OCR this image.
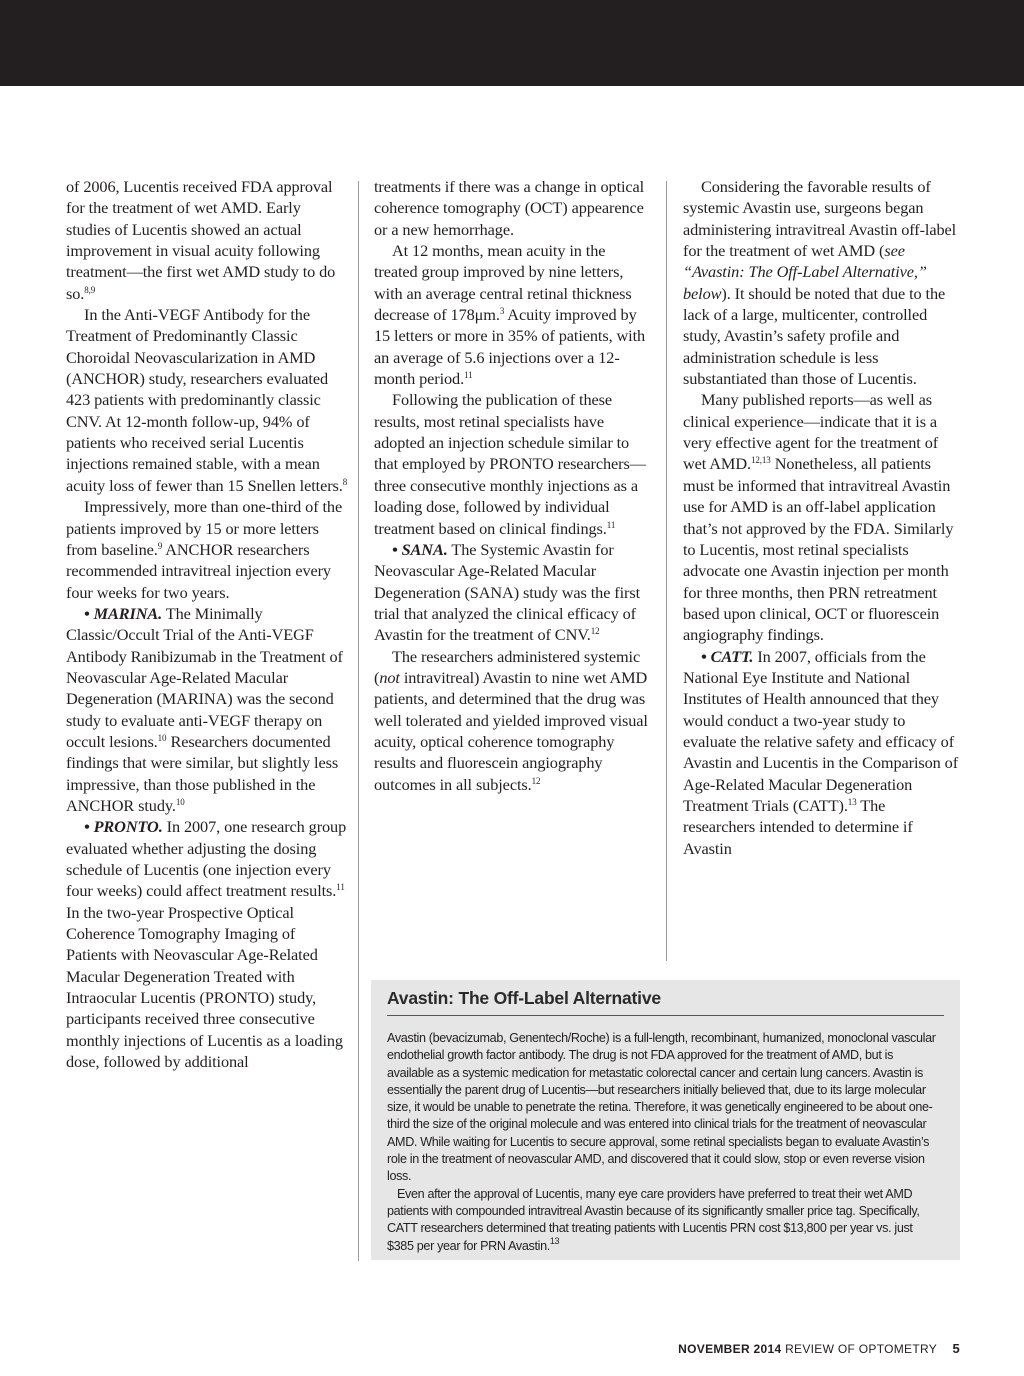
of 2006, Lucentis received FDA approval for the treatment of wet AMD. Early studies of Lucentis showed an actual improvement in visual acuity following treatment—the first wet AMD study to do so.$^{8,9}$

In the Anti-VEGF Antibody for the Treatment of Predominantly Classic Choroidal Neovascularization in AMD (ANCHOR) study, researchers evaluated 423 patients with predominantly classic CNV. At 12-month follow-up, 94% of patients who received serial Lucentis injections remained stable, with a mean acuity loss of fewer than 15 Snellen letters.$^8$

Impressively, more than one-third of the patients improved by 15 or more letters from baseline.$^9$ ANCHOR researchers recommended intravitreal injection every four weeks for two years.

• MARINA. The Minimally Classic/Occult Trial of the Anti-VEGF Antibody Ranibizumab in the Treatment of Neovascular Age-Related Macular Degeneration (MARINA) was the second study to evaluate anti-VEGF therapy on occult lesions.$^{10}$ Researchers documented findings that were similar, but slightly less impressive, than those published in the ANCHOR study.$^{10}$

• PRONTO. In 2007, one research group evaluated whether adjusting the dosing schedule of Lucentis (one injection every four weeks) could affect treatment results.$^{11}$ In the two-year Prospective Optical Coherence Tomography Imaging of Patients with Neovascular Age-Related Macular Degeneration Treated with Intraocular Lucentis (PRONTO) study, participants received three consecutive monthly injections of Lucentis as a loading dose, followed by additional

treatments if there was a change in optical coherence tomography (OCT) appearence or a new hemorrhage.

At 12 months, mean acuity in the treated group improved by nine letters, with an average central retinal thickness decrease of 178μm.$^3$ Acuity improved by 15 letters or more in 35% of patients, with an average of 5.6 injections over a 12-month period.$^{11}$

Following the publication of these results, most retinal specialists have adopted an injection schedule similar to that employed by PRONTO researchers—three consecutive monthly injections as a loading dose, followed by individual treatment based on clinical findings.$^{11}$

• SANA. The Systemic Avastin for Neovascular Age-Related Macular Degeneration (SANA) study was the first trial that analyzed the clinical efficacy of Avastin for the treatment of CNV.$^{12}$

The researchers administered systemic (not intravitreal) Avastin to nine wet AMD patients, and determined that the drug was well tolerated and yielded improved visual acuity, optical coherence tomography results and fluorescein angiography outcomes in all subjects.$^{12}$

Considering the favorable results of systemic Avastin use, surgeons began administering intravitreal Avastin off-label for the treatment of wet AMD (see “Avastin: The Off-Label Alternative,” below). It should be noted that due to the lack of a large, multicenter, controlled study, Avastin’s safety profile and administration schedule is less substantiated than those of Lucentis.

Many published reports—as well as clinical experience—indicate that it is a very effective agent for the treatment of wet AMD.$^{12,13}$ Nonetheless, all patients must be informed that intravitreal Avastin use for AMD is an off-label application that’s not approved by the FDA. Similarly to Lucentis, most retinal specialists advocate one Avastin injection per month for three months, then PRN retreatment based upon clinical, OCT or fluorescein angiography findings.

• CATT. In 2007, officials from the National Eye Institute and National Institutes of Health announced that they would conduct a two-year study to evaluate the relative safety and efficacy of Avastin and Lucentis in the Comparison of Age-Related Macular Degeneration Treatment Trials (CATT).$^{13}$ The researchers intended to determine if Avastin

Avastin: The Off-Label Alternative

Avastin (bevacizumab, Genentech/Roche) is a full-length, recombinant, humanized, monoclonal vascular endothelial growth factor antibody. The drug is not FDA approved for the treatment of AMD, but is available as a systemic medication for metastatic colorectal cancer and certain lung cancers. Avastin is essentially the parent drug of Lucentis—but researchers initially believed that, due to its large molecular size, it would be unable to penetrate the retina. Therefore, it was genetically engineered to be about one-third the size of the original molecule and was entered into clinical trials for the treatment of neovascular AMD. While waiting for Lucentis to secure approval, some retinal specialists began to evaluate Avastin’s role in the treatment of neovascular AMD, and discovered that it could slow, stop or even reverse vision loss.

Even after the approval of Lucentis, many eye care providers have preferred to treat their wet AMD patients with compounded intravitreal Avastin because of its significantly smaller price tag. Specifically, CATT researchers determined that treating patients with Lucentis PRN cost $13,800 per year vs. just $385 per year for PRN Avastin.$^{13}$

NOVEMBER 2014 REVIEW OF OPTOMETRY 5
